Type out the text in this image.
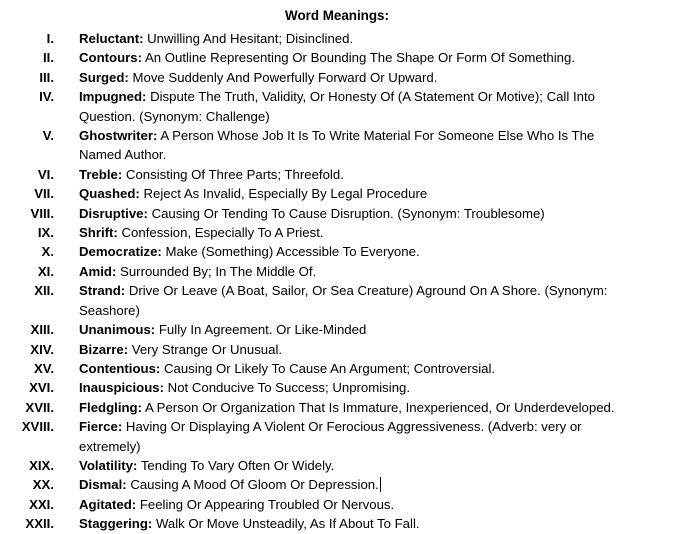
Word Meanings:
I.	Reluctant: Unwilling And Hesitant; Disinclined.
II.	Contours: An Outline Representing Or Bounding The Shape Or Form Of Something.
III.	Surged: Move Suddenly And Powerfully Forward Or Upward.
IV.	Impugned: Dispute The Truth, Validity, Or Honesty Of (A Statement Or Motive); Call Into Question. (Synonym: Challenge)
V.	Ghostwriter: A Person Whose Job It Is To Write Material For Someone Else Who Is The Named Author.
VI.	Treble: Consisting Of Three Parts; Threefold.
VII.	Quashed: Reject As Invalid, Especially By Legal Procedure
VIII.	Disruptive: Causing Or Tending To Cause Disruption. (Synonym: Troublesome)
IX.	Shrift: Confession, Especially To A Priest.
X.	Democratize: Make (Something) Accessible To Everyone.
XI.	Amid: Surrounded By; In The Middle Of.
XII.	Strand: Drive Or Leave (A Boat, Sailor, Or Sea Creature) Aground On A Shore. (Synonym: Seashore)
XIII.	Unanimous: Fully In Agreement. Or Like-Minded
XIV.	Bizarre: Very Strange Or Unusual.
XV.	Contentious: Causing Or Likely To Cause An Argument; Controversial.
XVI.	Inauspicious: Not Conducive To Success; Unpromising.
XVII.	Fledgling: A Person Or Organization That Is Immature, Inexperienced, Or Underdeveloped.
XVIII.	Fierce: Having Or Displaying A Violent Or Ferocious Aggressiveness. (Adverb: very or extremely)
XIX.	Volatility: Tending To Vary Often Or Widely.
XX.	Dismal: Causing A Mood Of Gloom Or Depression.
XXI.	Agitated: Feeling Or Appearing Troubled Or Nervous.
XXII.	Staggering: Walk Or Move Unsteadily, As If About To Fall.
